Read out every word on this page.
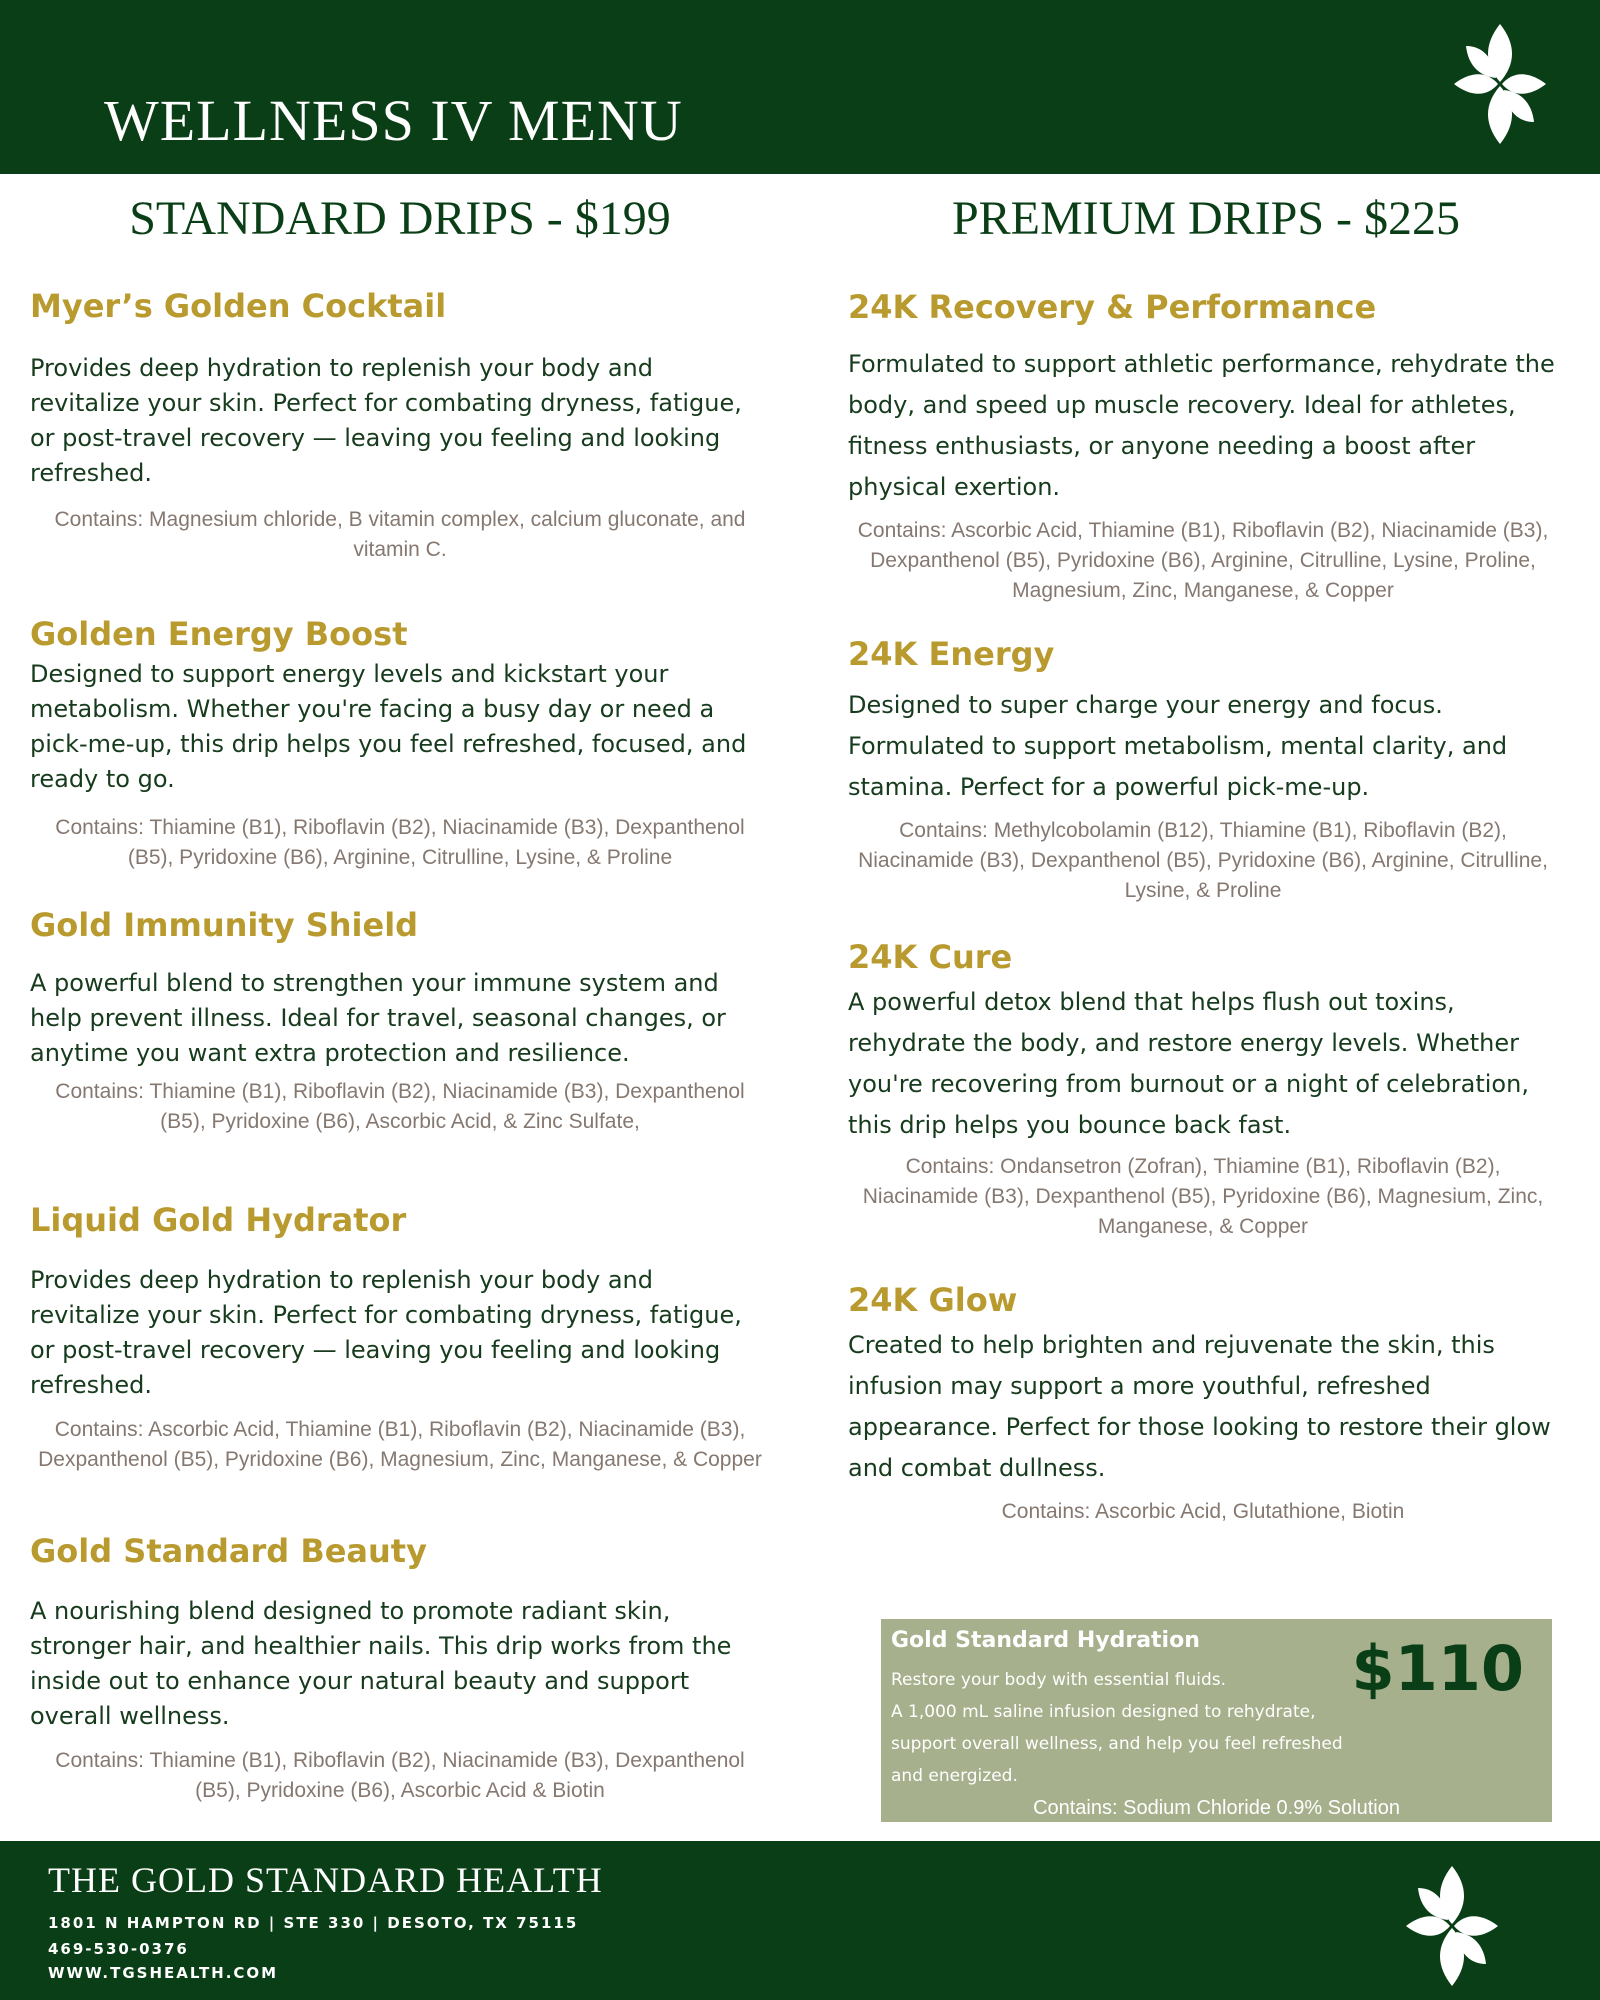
WELLNESS IV MENU
STANDARD DRIPS - $199	PREMIUM DRIPS - $225
Myer’s Golden Cocktail

Provides deep hydration to replenish your body and revitalize your skin. Perfect for combating dryness, fatigue, or post-travel recovery — leaving you feeling and looking refreshed.

Contains: Magnesium chloride, B vitamin complex, calcium gluconate, and vitamin C.

Golden Energy Boost

Designed to support energy levels and kickstart your metabolism. Whether you're facing a busy day or need a pick-me-up, this drip helps you feel refreshed, focused, and ready to go.

Contains: Thiamine (B1), Riboflavin (B2), Niacinamide (B3), Dexpanthenol (B5), Pyridoxine (B6), Arginine, Citrulline, Lysine, & Proline

Gold Immunity Shield

A powerful blend to strengthen your immune system and help prevent illness. Ideal for travel, seasonal changes, or anytime you want extra protection and resilience.

Contains: Thiamine (B1), Riboflavin (B2), Niacinamide (B3), Dexpanthenol (B5), Pyridoxine (B6), Ascorbic Acid, & Zinc Sulfate,

Liquid Gold Hydrator

Provides deep hydration to replenish your body and revitalize your skin. Perfect for combating dryness, fatigue, or post-travel recovery — leaving you feeling and looking refreshed.

Contains: Ascorbic Acid, Thiamine (B1), Riboflavin (B2), Niacinamide (B3), Dexpanthenol (B5), Pyridoxine (B6), Magnesium, Zinc, Manganese, & Copper

Gold Standard Beauty

A nourishing blend designed to promote radiant skin, stronger hair, and healthier nails. This drip works from the inside out to enhance your natural beauty and support overall wellness.

Contains: Thiamine (B1), Riboflavin (B2), Niacinamide (B3), Dexpanthenol (B5), Pyridoxine (B6), Ascorbic Acid & Biotin

24K Recovery & Performance

Formulated to support athletic performance, rehydrate the body, and speed up muscle recovery. Ideal for athletes, fitness enthusiasts, or anyone needing a boost after physical exertion.

Contains: Ascorbic Acid, Thiamine (B1), Riboflavin (B2), Niacinamide (B3), Dexpanthenol (B5), Pyridoxine (B6), Arginine, Citrulline, Lysine, Proline, Magnesium, Zinc, Manganese, & Copper

24K Energy

Designed to super charge your energy and focus. Formulated to support metabolism, mental clarity, and stamina. Perfect for a powerful pick-me-up.

Contains: Methylcobolamin (B12), Thiamine (B1), Riboflavin (B2), Niacinamide (B3), Dexpanthenol (B5), Pyridoxine (B6), Arginine, Citrulline, Lysine, & Proline

24K Cure

A powerful detox blend that helps flush out toxins, rehydrate the body, and restore energy levels. Whether you're recovering from burnout or a night of celebration, this drip helps you bounce back fast.

Contains: Ondansetron (Zofran), Thiamine (B1), Riboflavin (B2), Niacinamide (B3), Dexpanthenol (B5), Pyridoxine (B6), Magnesium, Zinc, Manganese, & Copper

24K Glow

Created to help brighten and rejuvenate the skin, this infusion may support a more youthful, refreshed appearance. Perfect for those looking to restore their glow and combat dullness.

Contains: Ascorbic Acid, Glutathione, Biotin

Gold Standard Hydration

Restore your body with essential fluids.
A 1,000 mL saline infusion designed to rehydrate, support overall wellness, and help you feel refreshed and energized.

$110

Contains: Sodium Chloride 0.9% Solution

THE GOLD STANDARD HEALTH

1801 N HAMPTON RD | STE 330 | DESOTO, TX 75115

469-530-0376

WWW.TGSHEALTH.COM
